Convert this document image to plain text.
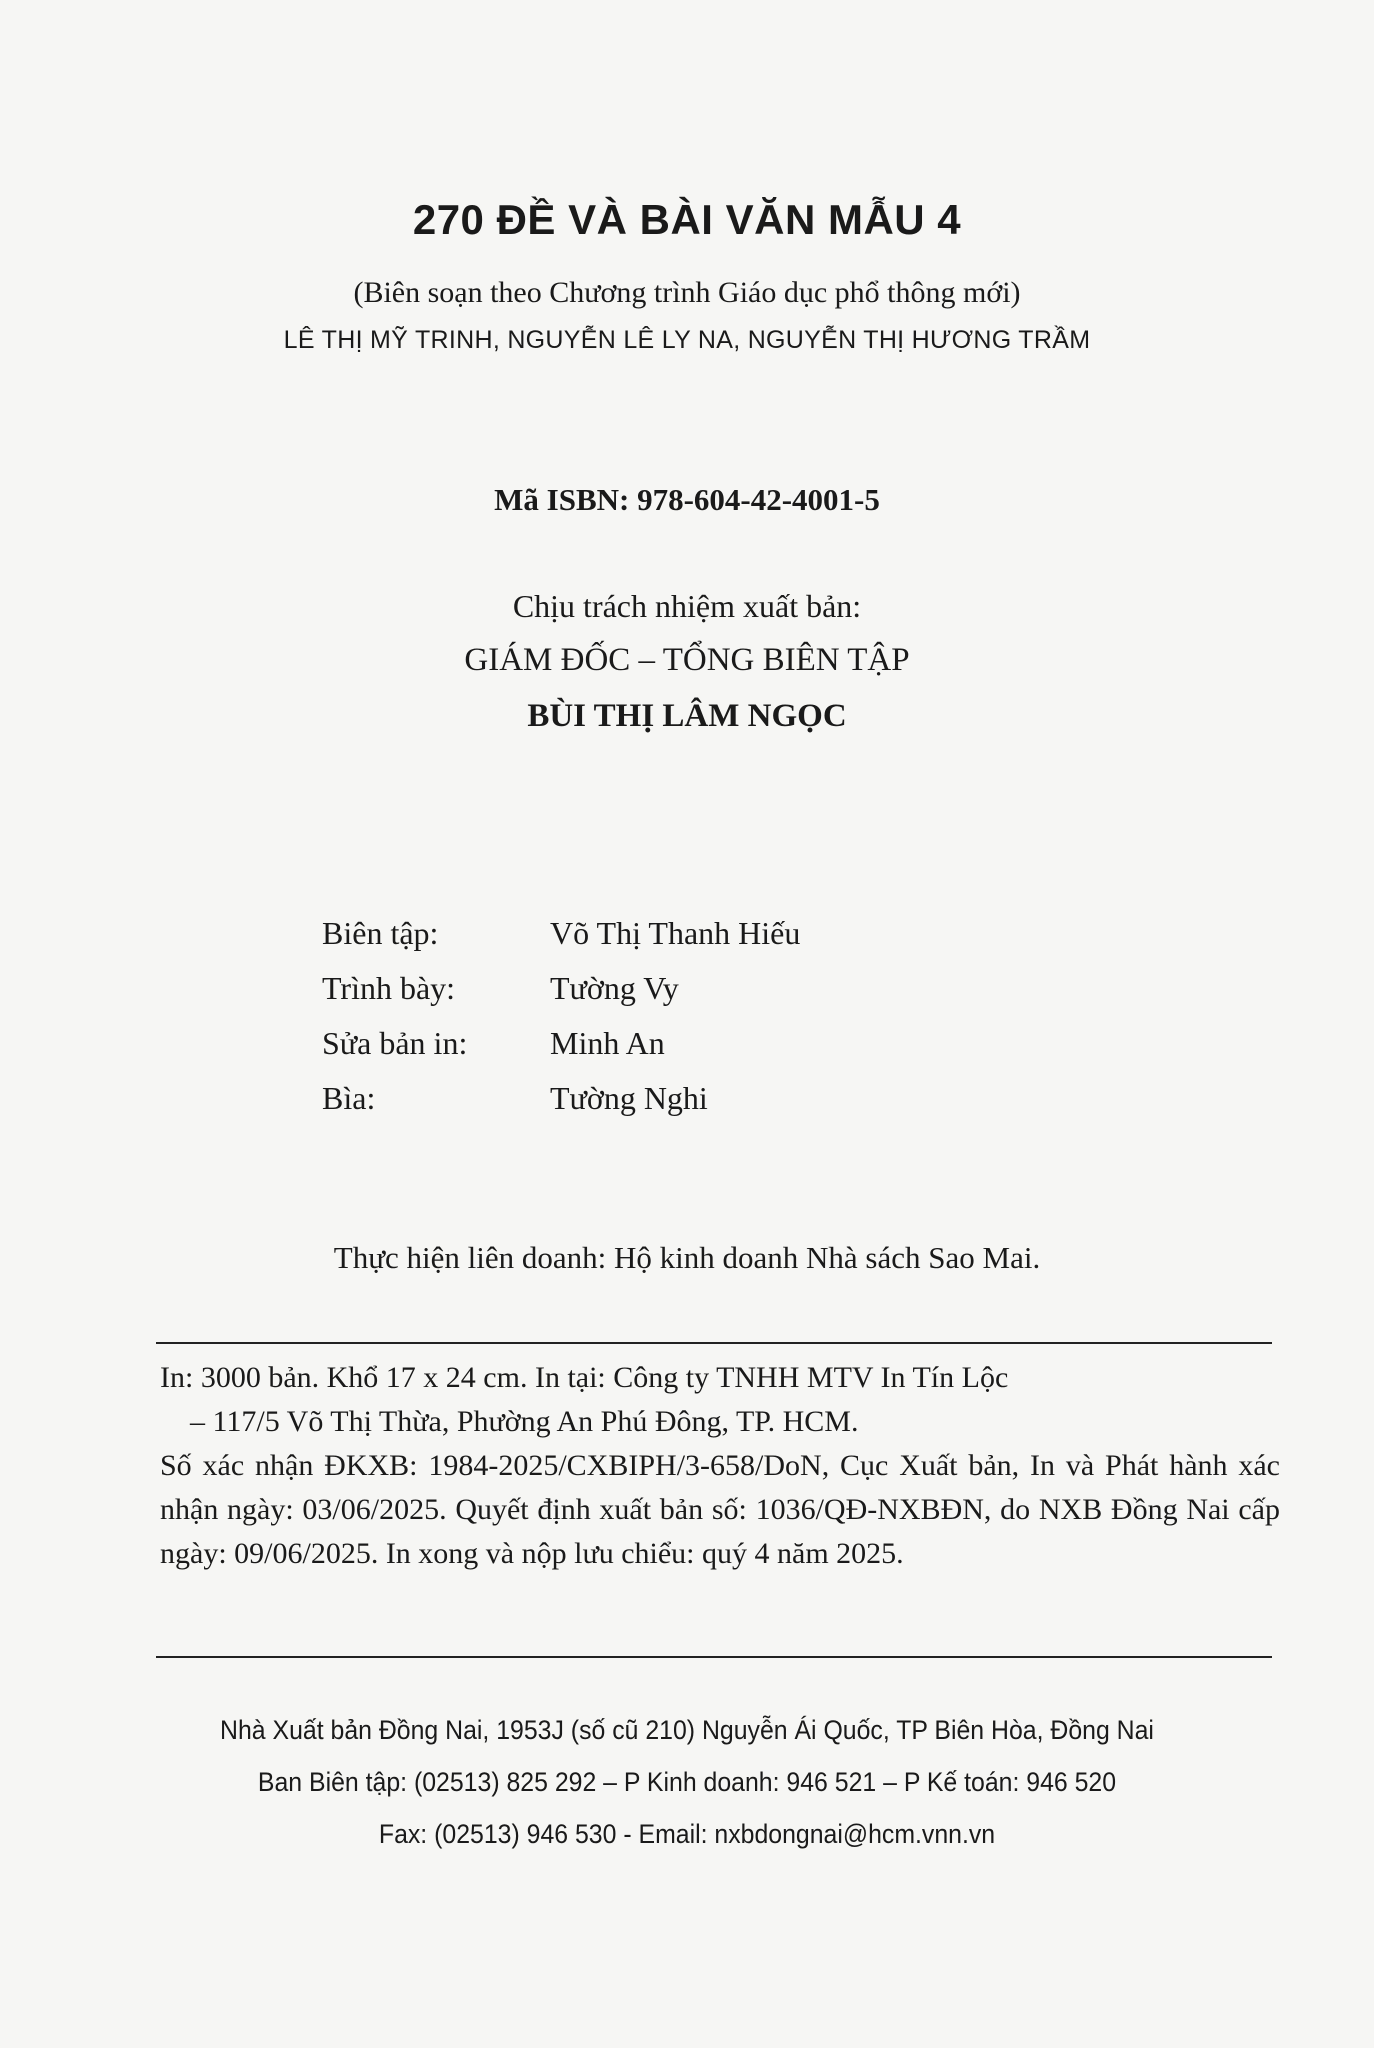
270 ĐỀ VÀ BÀI VĂN MẪU 4
(Biên soạn theo Chương trình Giáo dục phổ thông mới)
LÊ THỊ MỸ TRINH, NGUYỄN LÊ LY NA, NGUYỄN THỊ HƯƠNG TRẦM
Mã ISBN: 978-604-42-4001-5
Chịu trách nhiệm xuất bản:
GIÁM ĐỐC – TỔNG BIÊN TẬP
BÙI THỊ LÂM NGỌC
Biên tập:	Võ Thị Thanh Hiếu
Trình bày:	Tường Vy
Sửa bản in:	Minh An
Bìa:	Tường Nghi
Thực hiện liên doanh: Hộ kinh doanh Nhà sách Sao Mai.

In: 3000 bản. Khổ 17 x 24 cm. In tại: Công ty TNHH MTV In Tín Lộc

– 117/5 Võ Thị Thừa, Phường An Phú Đông, TP. HCM.

Số xác nhận ĐKXB: 1984-2025/CXBIPH/3-658/DoN, Cục Xuất bản, In và Phát hành xác nhận ngày: 03/06/2025. Quyết định xuất bản số: 1036/QĐ-NXBĐN, do NXB Đồng Nai cấp ngày: 09/06/2025. In xong và nộp lưu chiểu: quý 4 năm 2025.

Nhà Xuất bản Đồng Nai, 1953J (số cũ 210) Nguyễn Ái Quốc, TP Biên Hòa, Đồng Nai

Ban Biên tập: (02513) 825 292 – P Kinh doanh: 946 521 – P Kế toán: 946 520

Fax: (02513) 946 530 - Email: nxbdongnai@hcm.vnn.vn
